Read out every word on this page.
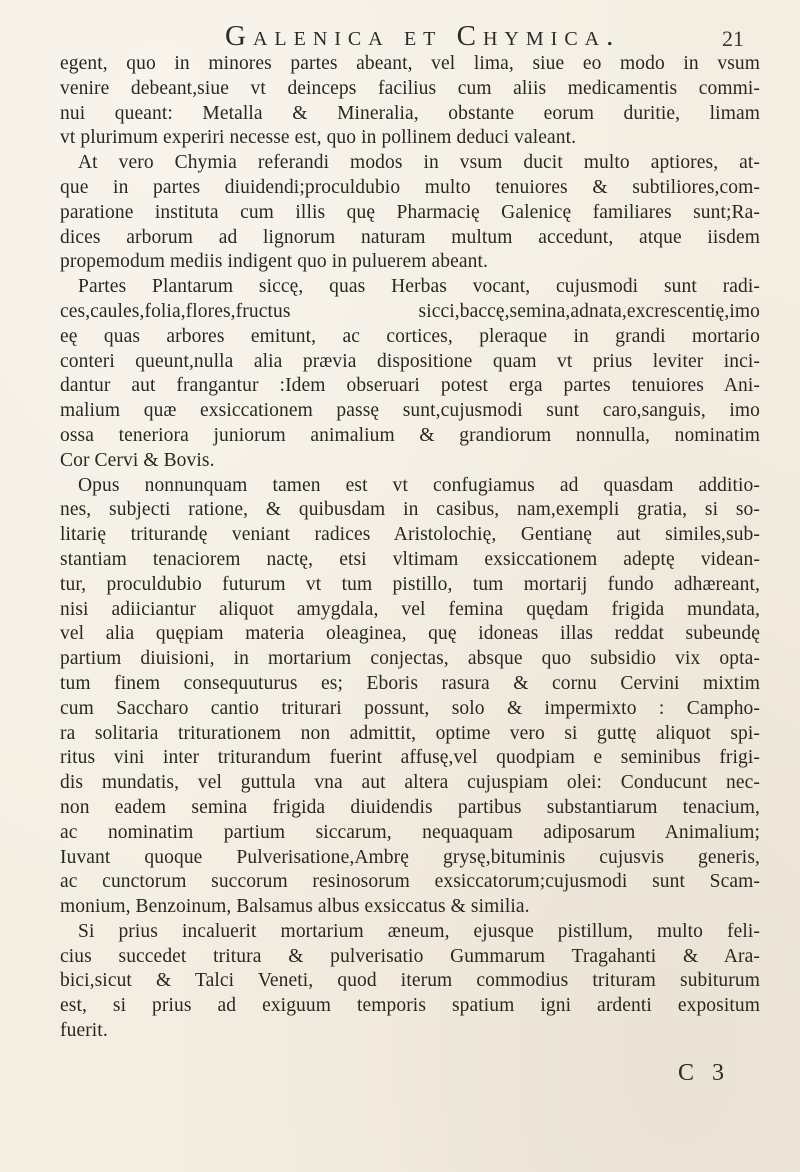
Galenica et Chymica.	21
egent, quo in minores partes abeant, vel lima, siue eo modo in vsum
venire debeant,siue vt deinceps facilius cum aliis medicamentis commi-
nui queant: Metalla & Mineralia, obstante eorum duritie, limam
vt plurimum experiri necesse est, quo in pollinem deduci valeant.
At vero Chymia referandi modos in vsum ducit multo aptiores, at-
que in partes diuidendi;proculdubio multo tenuiores & subtiliores,com-
paratione instituta cum illis quę Pharmacię Galenicę familiares sunt;Ra-
dices arborum ad lignorum naturam multum accedunt, atque iisdem
propemodum mediis indigent quo in puluerem abeant.
Partes Plantarum siccę, quas Herbas vocant, cujusmodi sunt radi-
ces,caules,folia,flores,fructus sicci,baccę,semina,adnata,excrescentię,imo
eę quas arbores emitunt, ac cortices, pleraque in grandi mortario
conteri queunt,nulla alia prævia dispositione quam vt prius leviter inci-
dantur aut frangantur :Idem obseruari potest erga partes tenuiores Ani-
malium quæ exsiccationem passę sunt,cujusmodi sunt caro,sanguis, imo
ossa teneriora juniorum animalium & grandiorum nonnulla, nominatim
Cor Cervi & Bovis.
Opus nonnunquam tamen est vt confugiamus ad quasdam additio-
nes, subjecti ratione, & quibusdam in casibus, nam,exempli gratia, si so-
litarię triturandę veniant radices Aristolochię, Gentianę aut similes,sub-
stantiam tenaciorem nactę, etsi vltimam exsiccationem adeptę videan-
tur, proculdubio futurum vt tum pistillo, tum mortarij fundo adhæreant,
nisi adiiciantur aliquot amygdala, vel femina quędam frigida mundata,
vel alia quępiam materia oleaginea, quę idoneas illas reddat subeundę
partium diuisioni, in mortarium conjectas, absque quo subsidio vix opta-
tum finem consequuturus es; Eboris rasura & cornu Cervini mixtim
cum Saccharo cantio triturari possunt, solo & impermixto : Campho-
ra solitaria triturationem non admittit, optime vero si guttę aliquot spi-
ritus vini inter triturandum fuerint affusę,vel quodpiam e seminibus frigi-
dis mundatis, vel guttula vna aut altera cujuspiam olei: Conducunt nec-
non eadem semina frigida diuidendis partibus substantiarum tenacium,
ac nominatim partium siccarum, nequaquam adiposarum Animalium;
Iuvant quoque Pulverisatione,Ambrę grysę,bituminis cujusvis generis,
ac cunctorum succorum resinosorum exsiccatorum;cujusmodi sunt Scam-
monium, Benzoinum, Balsamus albus exsiccatus & similia.
Si prius incaluerit mortarium æneum, ejusque pistillum, multo feli-
cius succedet tritura & pulverisatio Gummarum Tragahanti & Ara-
bici,sicut & Talci Veneti, quod iterum commodius trituram subiturum
est, si prius ad exiguum temporis spatium igni ardenti expositum
fuerit.
C 3
